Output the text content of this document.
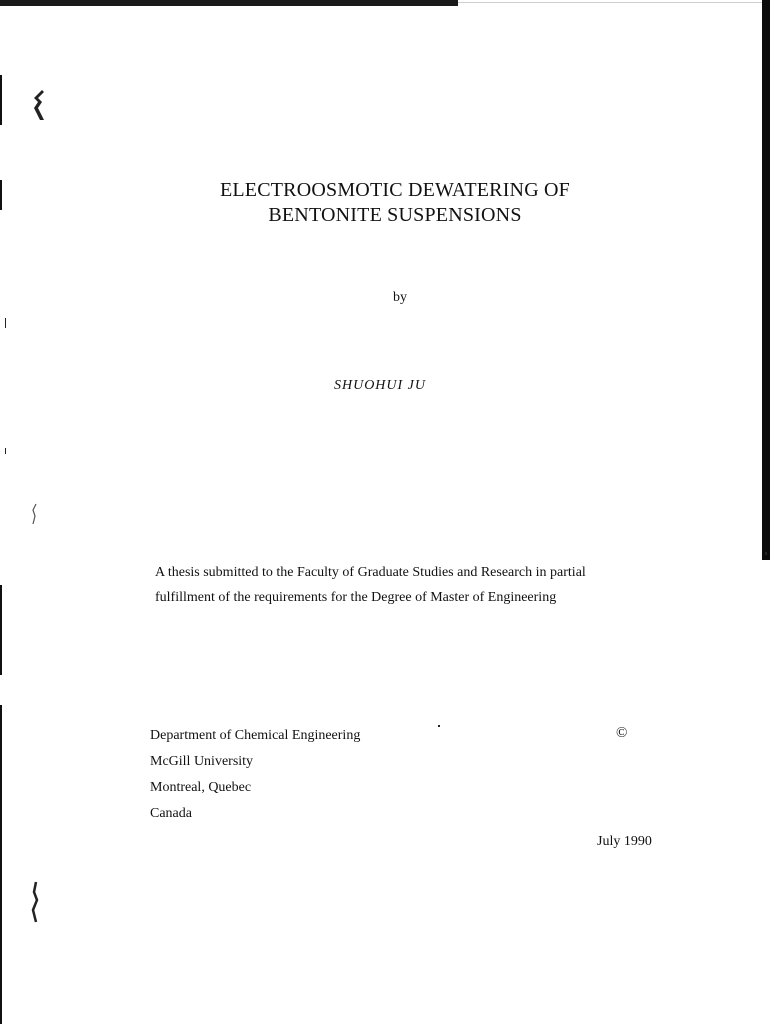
ELECTROOSMOTIC DEWATERING OF
BENTONITE SUSPENSIONS
by
SHUOHUI JU
A thesis submitted to the Faculty of Graduate Studies and Research in partial
fulfillment of the requirements for the Degree of Master of Engineering
Department of Chemical Engineering
McGill University
Montreal, Quebec
Canada
©
July 1990
